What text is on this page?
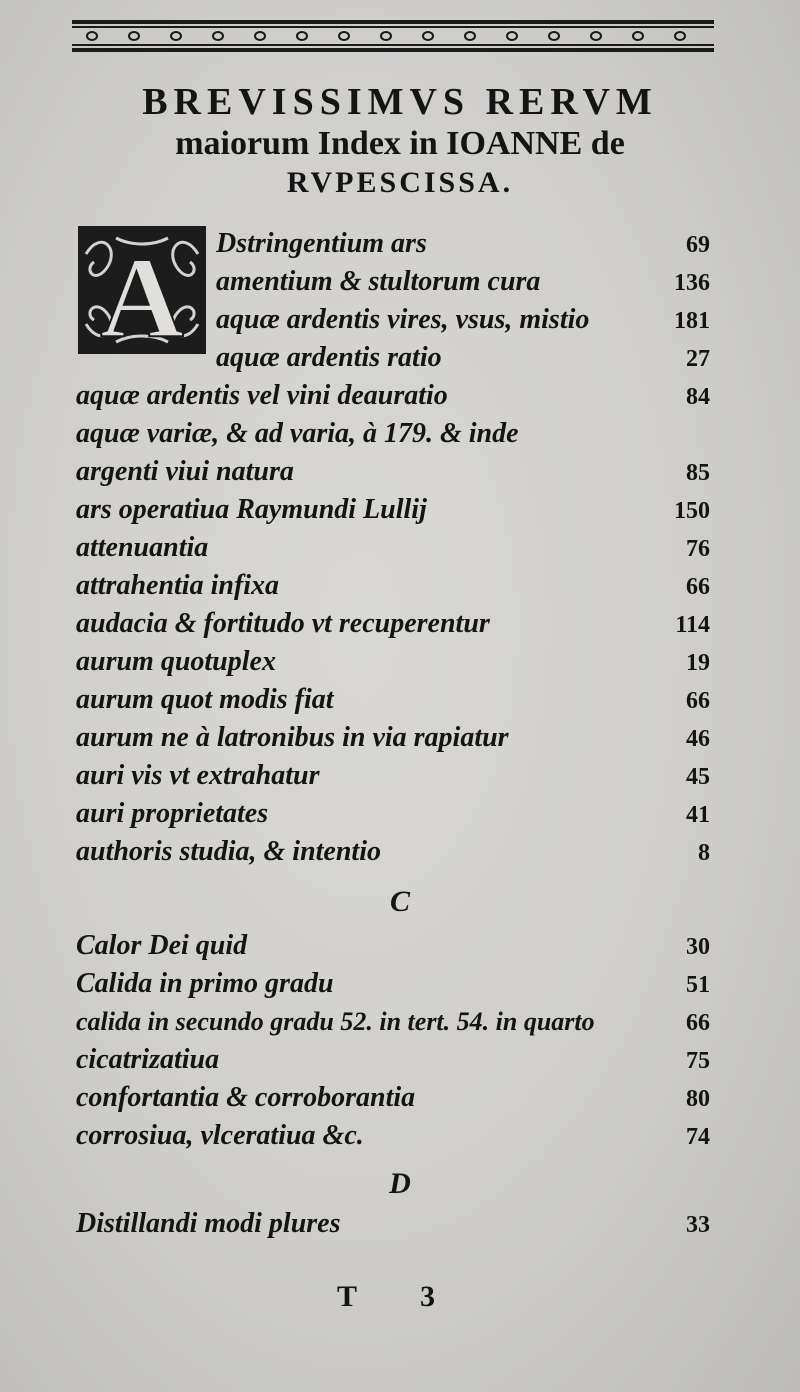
BREVISSIMVS RERVM
maiorum Index in IOANNE de
RVPESCISSA.
A Dstringentium ars	69
amentium & stultorum cura	136
aquæ ardentis vires, vsus, mistio	181
aquæ ardentis ratio	27
aquæ ardentis vel vini deauratio	84
aquæ variæ, & ad varia, à 179. & inde
argenti viui natura	85
ars operatiua Raymundi Lullij	150
attenuantia	76
attrahentia infixa	66
audacia & fortitudo vt recuperentur	114
aurum quotuplex	19
aurum quot modis fiat	66
aurum ne à latronibus in via rapiatur	46
auri vis vt extrahatur	45
auri proprietates	41
authoris studia, & intentio	8
C
Calor Dei quid	30
Calida in primo gradu	51
calida in secundo gradu 52. in tert. 54. in quarto	66
cicatrizatiua	75
confortantia & corroborantia	80
corrosiua, vlceratiua &c.	74
D
Distillandi modi plures	33
T 3
